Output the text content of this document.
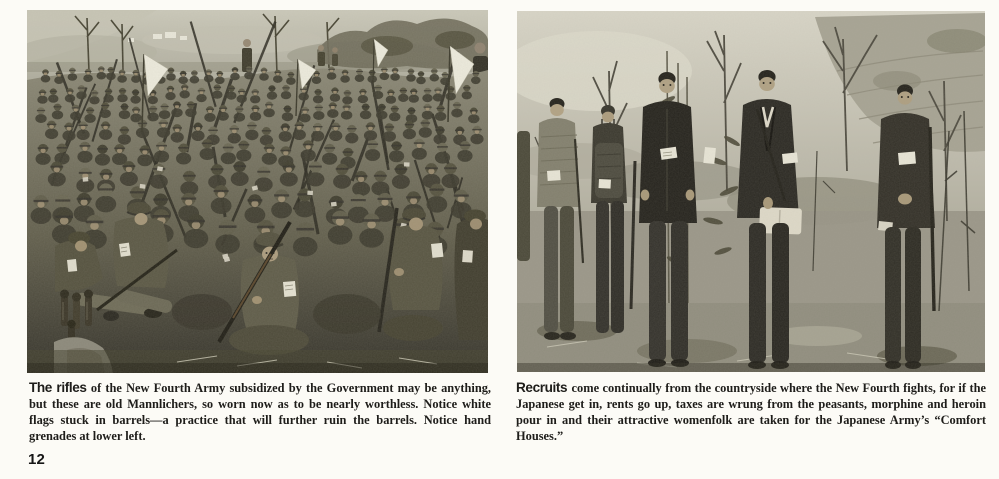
The rifles of the New Fourth Army subsidized by the Government may be anything, but these are old Mannlichers, so worn now as to be nearly worthless. Notice white flags stuck in barrels—a practice that will further ruin the barrels. Notice hand grenades at lower left.

Recruits come continually from the countryside where the New Fourth fights, for if the Japanese get in, rents go up, taxes are wrung from the peasants, morphine and heroin pour in and their attractive womenfolk are taken for the Japanese Army’s “Comfort Houses.”

12
